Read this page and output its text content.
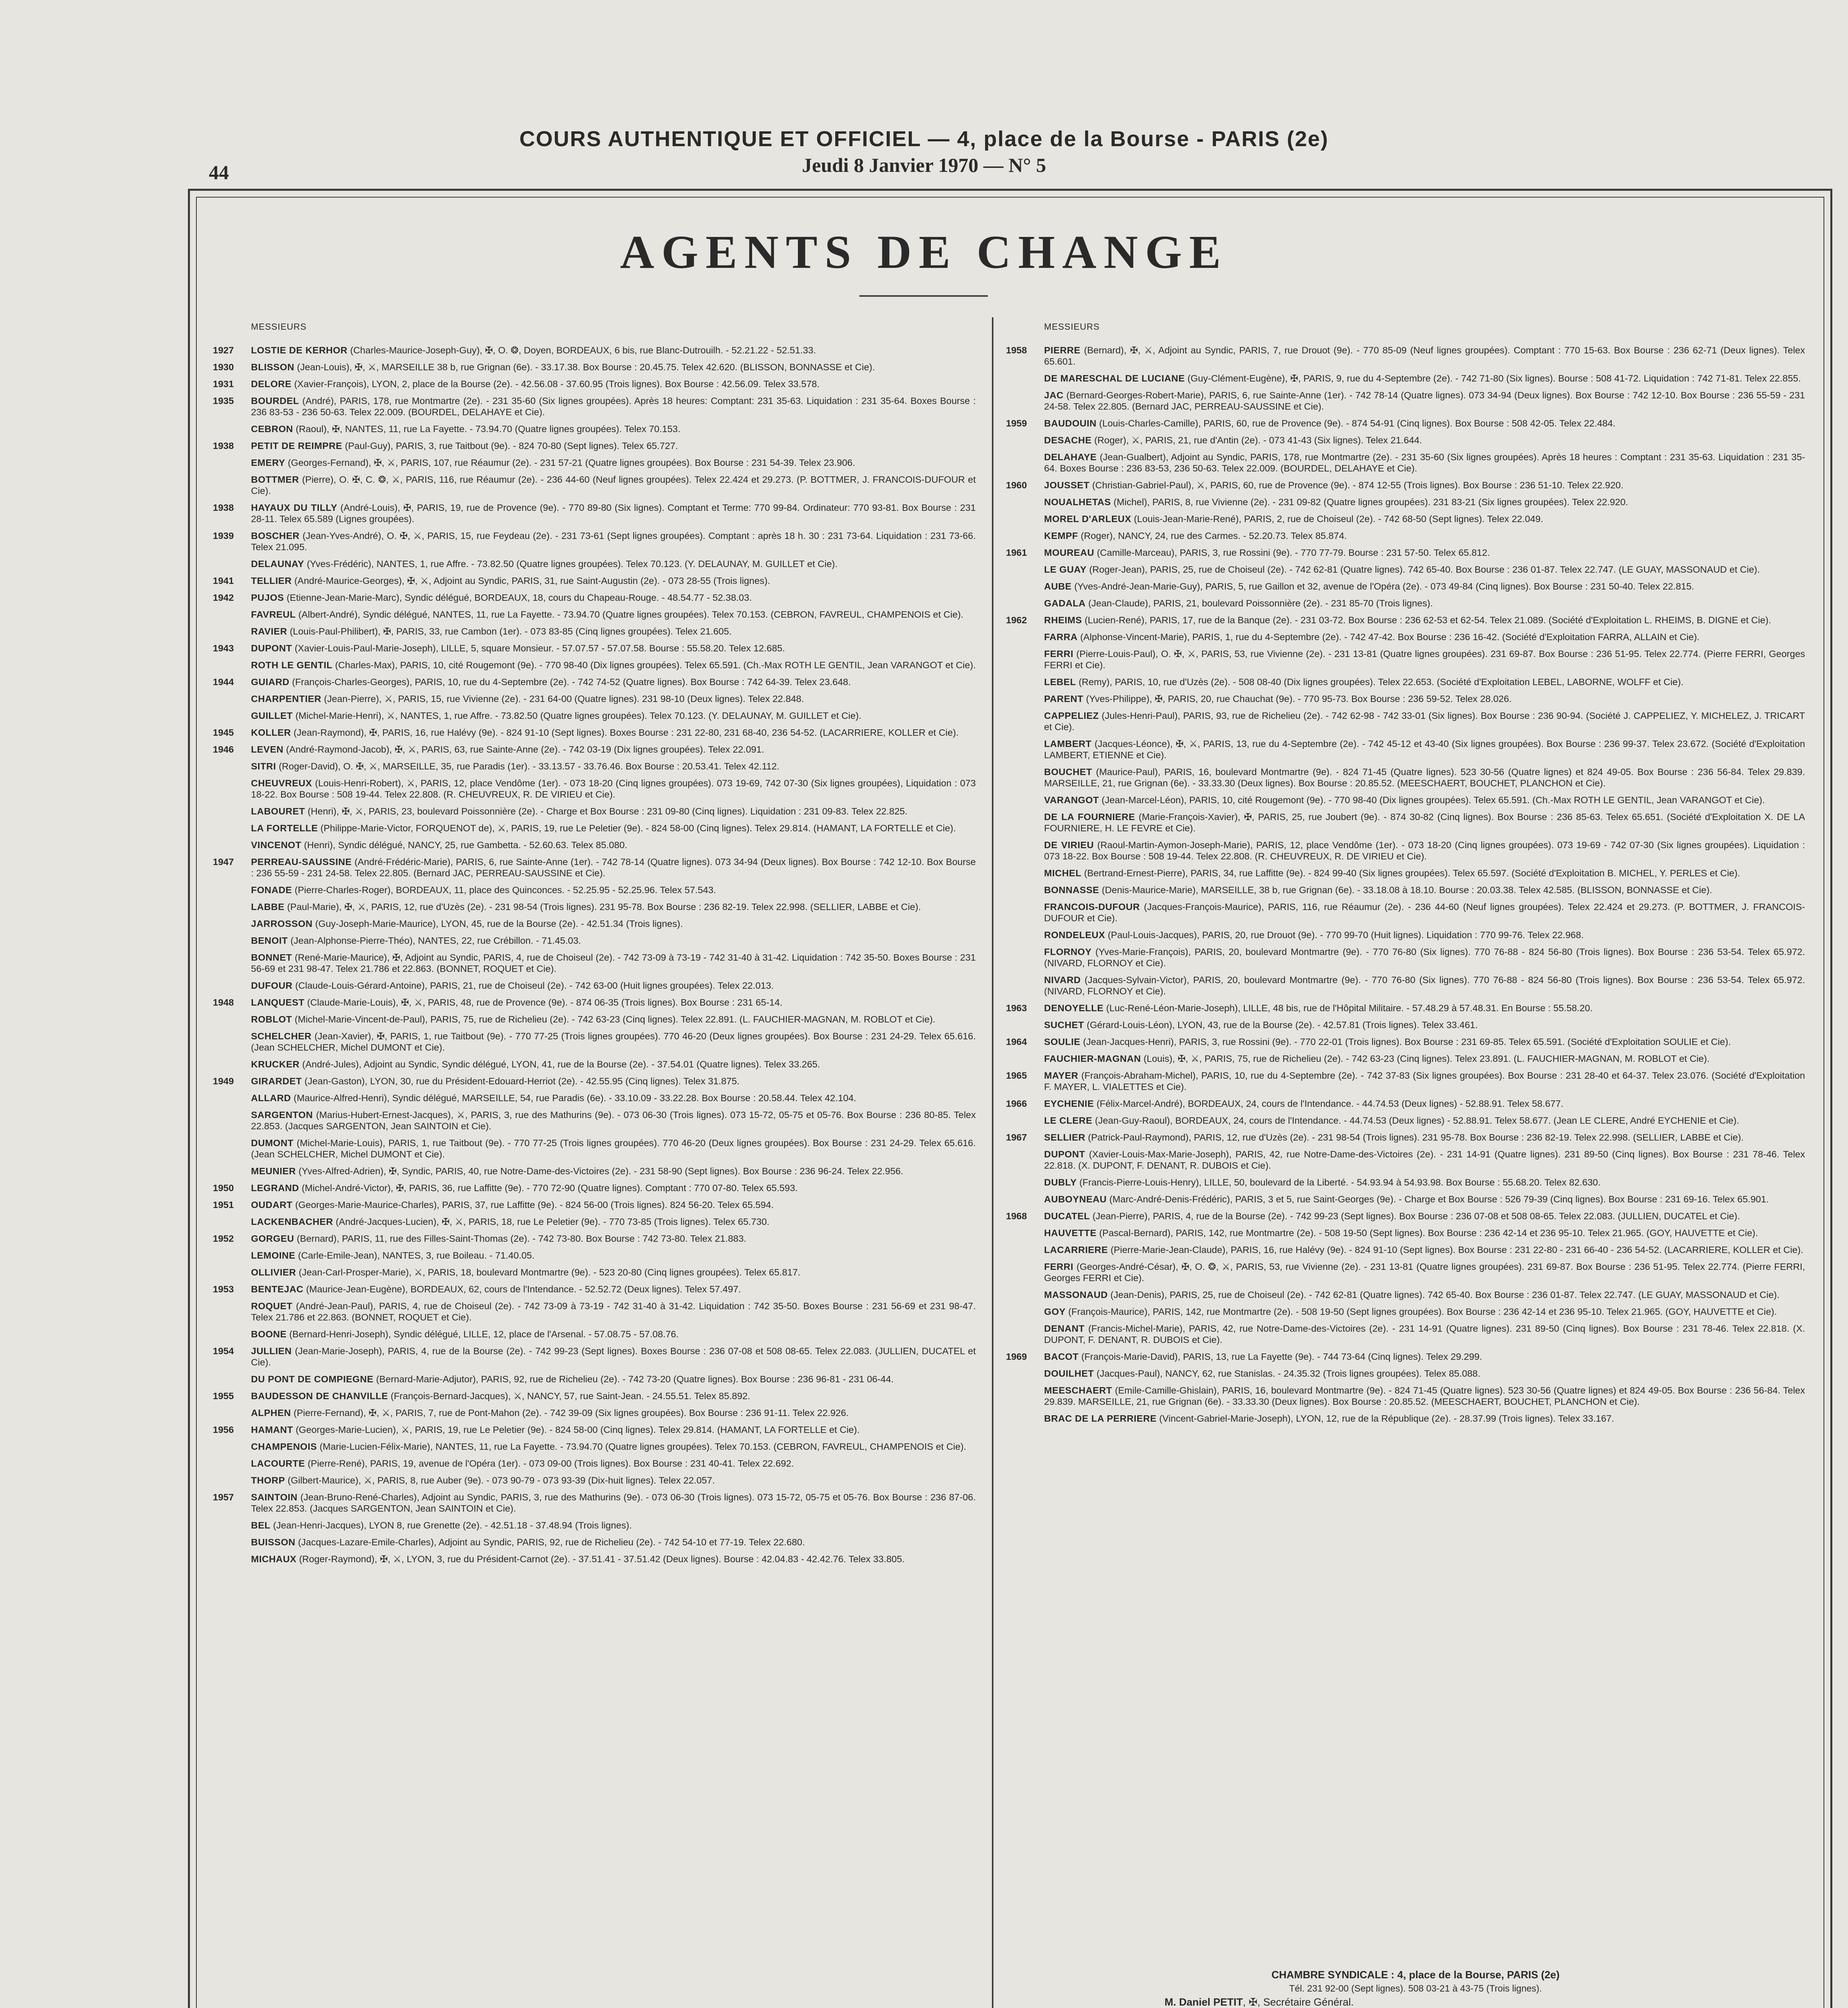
COURS AUTHENTIQUE ET OFFICIEL — 4, place de la Bourse - PARIS (2e)
44	Jeudi 8 Janvier 1970 — N° 5
AGENTS DE CHANGE
MESSIEURS
1927	LOSTIE DE KERHOR (Charles-Maurice-Joseph-Guy), ✠, O. ❂, Doyen, BORDEAUX, 6 bis, rue Blanc-Dutrouilh. - 52.21.22 - 52.51.33.
1930	BLISSON (Jean-Louis), ✠, ⚔, MARSEILLE 38 b, rue Grignan (6e). - 33.17.38. Box Bourse : 20.45.75. Telex 42.620. (BLISSON, BONNASSE et Cie).
1931	DELORE (Xavier-François), LYON, 2, place de la Bourse (2e). - 42.56.08 - 37.60.95 (Trois lignes). Box Bourse : 42.56.09. Telex 33.578.
1935	BOURDEL (André), PARIS, 178, rue Montmartre (2e). - 231 35-60 (Six lignes groupées). Après 18 heures: Comptant: 231 35-63. Liquidation : 231 35-64. Boxes Bourse : 236 83-53 - 236 50-63. Telex 22.009. (BOURDEL, DELAHAYE et Cie).
CEBRON (Raoul), ✠, NANTES, 11, rue La Fayette. - 73.94.70 (Quatre lignes groupées). Telex 70.153.
1938	PETIT DE REIMPRE (Paul-Guy), PARIS, 3, rue Taitbout (9e). - 824 70-80 (Sept lignes). Telex 65.727.
EMERY (Georges-Fernand), ✠, ⚔, PARIS, 107, rue Réaumur (2e). - 231 57-21 (Quatre lignes groupées). Box Bourse : 231 54-39. Telex 23.906.
BOTTMER (Pierre), O. ✠, C. ❂, ⚔, PARIS, 116, rue Réaumur (2e). - 236 44-60 (Neuf lignes groupées). Telex 22.424 et 29.273. (P. BOTTMER, J. FRANCOIS-DUFOUR et Cie).
1938	HAYAUX DU TILLY (André-Louis), ✠, PARIS, 19, rue de Provence (9e). - 770 89-80 (Six lignes). Comptant et Terme: 770 99-84. Ordinateur: 770 93-81. Box Bourse : 231 28-11. Telex 65.589 (Lignes groupées).
1939	BOSCHER (Jean-Yves-André), O. ✠, ⚔, PARIS, 15, rue Feydeau (2e). - 231 73-61 (Sept lignes groupées). Comptant : après 18 h. 30 : 231 73-64. Liquidation : 231 73-66. Telex 21.095.
DELAUNAY (Yves-Frédéric), NANTES, 1, rue Affre. - 73.82.50 (Quatre lignes groupées). Telex 70.123. (Y. DELAUNAY, M. GUILLET et Cie).
1941	TELLIER (André-Maurice-Georges), ✠, ⚔, Adjoint au Syndic, PARIS, 31, rue Saint-Augustin (2e). - 073 28-55 (Trois lignes).
1942	PUJOS (Etienne-Jean-Marie-Marc), Syndic délégué, BORDEAUX, 18, cours du Chapeau-Rouge. - 48.54.77 - 52.38.03.
FAVREUL (Albert-André), Syndic délégué, NANTES, 11, rue La Fayette. - 73.94.70 (Quatre lignes groupées). Telex 70.153. (CEBRON, FAVREUL, CHAMPENOIS et Cie).
RAVIER (Louis-Paul-Philibert), ✠, PARIS, 33, rue Cambon (1er). - 073 83-85 (Cinq lignes groupées). Telex 21.605.
1943	DUPONT (Xavier-Louis-Paul-Marie-Joseph), LILLE, 5, square Monsieur. - 57.07.57 - 57.07.58. Bourse : 55.58.20. Telex 12.685.
ROTH LE GENTIL (Charles-Max), PARIS, 10, cité Rougemont (9e). - 770 98-40 (Dix lignes groupées). Telex 65.591. (Ch.-Max ROTH LE GENTIL, Jean VARANGOT et Cie).
1944	GUIARD (François-Charles-Georges), PARIS, 10, rue du 4-Septembre (2e). - 742 74-52 (Quatre lignes). Box Bourse : 742 64-39. Telex 23.648.
CHARPENTIER (Jean-Pierre), ⚔, PARIS, 15, rue Vivienne (2e). - 231 64-00 (Quatre lignes). 231 98-10 (Deux lignes). Telex 22.848.
GUILLET (Michel-Marie-Henri), ⚔, NANTES, 1, rue Affre. - 73.82.50 (Quatre lignes groupées). Telex 70.123. (Y. DELAUNAY, M. GUILLET et Cie).
1945	KOLLER (Jean-Raymond), ✠, PARIS, 16, rue Halévy (9e). - 824 91-10 (Sept lignes). Boxes Bourse : 231 22-80, 231 68-40, 236 54-52. (LACARRIERE, KOLLER et Cie).
1946	LEVEN (André-Raymond-Jacob), ✠, ⚔, PARIS, 63, rue Sainte-Anne (2e). - 742 03-19 (Dix lignes groupées). Telex 22.091.
SITRI (Roger-David), O. ✠, ⚔, MARSEILLE, 35, rue Paradis (1er). - 33.13.57 - 33.76.46. Box Bourse : 20.53.41. Telex 42.112.
CHEUVREUX (Louis-Henri-Robert), ⚔, PARIS, 12, place Vendôme (1er). - 073 18-20 (Cinq lignes groupées). 073 19-69, 742 07-30 (Six lignes groupées), Liquidation : 073 18-22. Box Bourse : 508 19-44. Telex 22.808. (R. CHEUVREUX, R. DE VIRIEU et Cie).
LABOURET (Henri), ✠, ⚔, PARIS, 23, boulevard Poissonnière (2e). - Charge et Box Bourse : 231 09-80 (Cinq lignes). Liquidation : 231 09-83. Telex 22.825.
LA FORTELLE (Philippe-Marie-Victor, FORQUENOT de), ⚔, PARIS, 19, rue Le Peletier (9e). - 824 58-00 (Cinq lignes). Telex 29.814. (HAMANT, LA FORTELLE et Cie).
VINCENOT (Henri), Syndic délégué, NANCY, 25, rue Gambetta. - 52.60.63. Telex 85.080.
1947	PERREAU-SAUSSINE (André-Frédéric-Marie), PARIS, 6, rue Sainte-Anne (1er). - 742 78-14 (Quatre lignes). 073 34-94 (Deux lignes). Box Bourse : 742 12-10. Box Bourse : 236 55-59 - 231 24-58. Telex 22.805. (Bernard JAC, PERREAU-SAUSSINE et Cie).
FONADE (Pierre-Charles-Roger), BORDEAUX, 11, place des Quinconces. - 52.25.95 - 52.25.96. Telex 57.543.
LABBE (Paul-Marie), ✠, ⚔, PARIS, 12, rue d'Uzès (2e). - 231 98-54 (Trois lignes). 231 95-78. Box Bourse : 236 82-19. Telex 22.998. (SELLIER, LABBE et Cie).
JARROSSON (Guy-Joseph-Marie-Maurice), LYON, 45, rue de la Bourse (2e). - 42.51.34 (Trois lignes).
BENOIT (Jean-Alphonse-Pierre-Théo), NANTES, 22, rue Crébillon. - 71.45.03.
BONNET (René-Marie-Maurice), ✠, Adjoint au Syndic, PARIS, 4, rue de Choiseul (2e). - 742 73-09 à 73-19 - 742 31-40 à 31-42. Liquidation : 742 35-50. Boxes Bourse : 231 56-69 et 231 98-47. Telex 21.786 et 22.863. (BONNET, ROQUET et Cie).
DUFOUR (Claude-Louis-Gérard-Antoine), PARIS, 21, rue de Choiseul (2e). - 742 63-00 (Huit lignes groupées). Telex 22.013.
1948	LANQUEST (Claude-Marie-Louis), ✠, ⚔, PARIS, 48, rue de Provence (9e). - 874 06-35 (Trois lignes). Box Bourse : 231 65-14.
ROBLOT (Michel-Marie-Vincent-de-Paul), PARIS, 75, rue de Richelieu (2e). - 742 63-23 (Cinq lignes). Telex 22.891. (L. FAUCHIER-MAGNAN, M. ROBLOT et Cie).
SCHELCHER (Jean-Xavier), ✠, PARIS, 1, rue Taitbout (9e). - 770 77-25 (Trois lignes groupées). 770 46-20 (Deux lignes groupées). Box Bourse : 231 24-29. Telex 65.616. (Jean SCHELCHER, Michel DUMONT et Cie).
KRUCKER (André-Jules), Adjoint au Syndic, Syndic délégué, LYON, 41, rue de la Bourse (2e). - 37.54.01 (Quatre lignes). Telex 33.265.
1949	GIRARDET (Jean-Gaston), LYON, 30, rue du Président-Edouard-Herriot (2e). - 42.55.95 (Cinq lignes). Telex 31.875.
ALLARD (Maurice-Alfred-Henri), Syndic délégué, MARSEILLE, 54, rue Paradis (6e). - 33.10.09 - 33.22.28. Box Bourse : 20.58.44. Telex 42.104.
SARGENTON (Marius-Hubert-Ernest-Jacques), ⚔, PARIS, 3, rue des Mathurins (9e). - 073 06-30 (Trois lignes). 073 15-72, 05-75 et 05-76. Box Bourse : 236 80-85. Telex 22.853. (Jacques SARGENTON, Jean SAINTOIN et Cie).
DUMONT (Michel-Marie-Louis), PARIS, 1, rue Taitbout (9e). - 770 77-25 (Trois lignes groupées). 770 46-20 (Deux lignes groupées). Box Bourse : 231 24-29. Telex 65.616. (Jean SCHELCHER, Michel DUMONT et Cie).
MEUNIER (Yves-Alfred-Adrien), ✠, Syndic, PARIS, 40, rue Notre-Dame-des-Victoires (2e). - 231 58-90 (Sept lignes). Box Bourse : 236 96-24. Telex 22.956.
1950	LEGRAND (Michel-André-Victor), ✠, PARIS, 36, rue Laffitte (9e). - 770 72-90 (Quatre lignes). Comptant : 770 07-80. Telex 65.593.
1951	OUDART (Georges-Marie-Maurice-Charles), PARIS, 37, rue Laffitte (9e). - 824 56-00 (Trois lignes). 824 56-20. Telex 65.594.
LACKENBACHER (André-Jacques-Lucien), ✠, ⚔, PARIS, 18, rue Le Peletier (9e). - 770 73-85 (Trois lignes). Telex 65.730.
1952	GORGEU (Bernard), PARIS, 11, rue des Filles-Saint-Thomas (2e). - 742 73-80. Box Bourse : 742 73-80. Telex 21.883.
LEMOINE (Carle-Emile-Jean), NANTES, 3, rue Boileau. - 71.40.05.
OLLIVIER (Jean-Carl-Prosper-Marie), ⚔, PARIS, 18, boulevard Montmartre (9e). - 523 20-80 (Cinq lignes groupées). Telex 65.817.
1953	BENTEJAC (Maurice-Jean-Eugène), BORDEAUX, 62, cours de l'Intendance. - 52.52.72 (Deux lignes). Telex 57.497.
ROQUET (André-Jean-Paul), PARIS, 4, rue de Choiseul (2e). - 742 73-09 à 73-19 - 742 31-40 à 31-42. Liquidation : 742 35-50. Boxes Bourse : 231 56-69 et 231 98-47. Telex 21.786 et 22.863. (BONNET, ROQUET et Cie).
BOONE (Bernard-Henri-Joseph), Syndic délégué, LILLE, 12, place de l'Arsenal. - 57.08.75 - 57.08.76.
1954	JULLIEN (Jean-Marie-Joseph), PARIS, 4, rue de la Bourse (2e). - 742 99-23 (Sept lignes). Boxes Bourse : 236 07-08 et 508 08-65. Telex 22.083. (JULLIEN, DUCATEL et Cie).
DU PONT DE COMPIEGNE (Bernard-Marie-Adjutor), PARIS, 92, rue de Richelieu (2e). - 742 73-20 (Quatre lignes). Box Bourse : 236 96-81 - 231 06-44.
1955	BAUDESSON DE CHANVILLE (François-Bernard-Jacques), ⚔, NANCY, 57, rue Saint-Jean. - 24.55.51. Telex 85.892.
ALPHEN (Pierre-Fernand), ✠, ⚔, PARIS, 7, rue de Pont-Mahon (2e). - 742 39-09 (Six lignes groupées). Box Bourse : 236 91-11. Telex 22.926.
1956	HAMANT (Georges-Marie-Lucien), ⚔, PARIS, 19, rue Le Peletier (9e). - 824 58-00 (Cinq lignes). Telex 29.814. (HAMANT, LA FORTELLE et Cie).
CHAMPENOIS (Marie-Lucien-Félix-Marie), NANTES, 11, rue La Fayette. - 73.94.70 (Quatre lignes groupées). Telex 70.153. (CEBRON, FAVREUL, CHAMPENOIS et Cie).
LACOURTE (Pierre-René), PARIS, 19, avenue de l'Opéra (1er). - 073 09-00 (Trois lignes). Box Bourse : 231 40-41. Telex 22.692.
THORP (Gilbert-Maurice), ⚔, PARIS, 8, rue Auber (9e). - 073 90-79 - 073 93-39 (Dix-huit lignes). Telex 22.057.
1957	SAINTOIN (Jean-Bruno-René-Charles), Adjoint au Syndic, PARIS, 3, rue des Mathurins (9e). - 073 06-30 (Trois lignes). 073 15-72, 05-75 et 05-76. Box Bourse : 236 87-06. Telex 22.853. (Jacques SARGENTON, Jean SAINTOIN et Cie).
BEL (Jean-Henri-Jacques), LYON 8, rue Grenette (2e). - 42.51.18 - 37.48.94 (Trois lignes).
BUISSON (Jacques-Lazare-Emile-Charles), Adjoint au Syndic, PARIS, 92, rue de Richelieu (2e). - 742 54-10 et 77-19. Telex 22.680.
MICHAUX (Roger-Raymond), ✠, ⚔, LYON, 3, rue du Président-Carnot (2e). - 37.51.41 - 37.51.42 (Deux lignes). Bourse : 42.04.83 - 42.42.76. Telex 33.805.
MESSIEURS
1958	PIERRE (Bernard), ✠, ⚔, Adjoint au Syndic, PARIS, 7, rue Drouot (9e). - 770 85-09 (Neuf lignes groupées). Comptant : 770 15-63. Box Bourse : 236 62-71 (Deux lignes). Telex 65.601.
DE MARESCHAL DE LUCIANE (Guy-Clément-Eugène), ✠, PARIS, 9, rue du 4-Septembre (2e). - 742 71-80 (Six lignes). Bourse : 508 41-72. Liquidation : 742 71-81. Telex 22.855.
JAC (Bernard-Georges-Robert-Marie), PARIS, 6, rue Sainte-Anne (1er). - 742 78-14 (Quatre lignes). 073 34-94 (Deux lignes). Box Bourse : 742 12-10. Box Bourse : 236 55-59 - 231 24-58. Telex 22.805. (Bernard JAC, PERREAU-SAUSSINE et Cie).
1959	BAUDOUIN (Louis-Charles-Camille), PARIS, 60, rue de Provence (9e). - 874 54-91 (Cinq lignes). Box Bourse : 508 42-05. Telex 22.484.
DESACHE (Roger), ⚔, PARIS, 21, rue d'Antin (2e). - 073 41-43 (Six lignes). Telex 21.644.
DELAHAYE (Jean-Gualbert), Adjoint au Syndic, PARIS, 178, rue Montmartre (2e). - 231 35-60 (Six lignes groupées). Après 18 heures : Comptant : 231 35-63. Liquidation : 231 35-64. Boxes Bourse : 236 83-53, 236 50-63. Telex 22.009. (BOURDEL, DELAHAYE et Cie).
1960	JOUSSET (Christian-Gabriel-Paul), ⚔, PARIS, 60, rue de Provence (9e). - 874 12-55 (Trois lignes). Box Bourse : 236 51-10. Telex 22.920.
NOUALHETAS (Michel), PARIS, 8, rue Vivienne (2e). - 231 09-82 (Quatre lignes groupées). 231 83-21 (Six lignes groupées). Telex 22.920.
MOREL D'ARLEUX (Louis-Jean-Marie-René), PARIS, 2, rue de Choiseul (2e). - 742 68-50 (Sept lignes). Telex 22.049.
KEMPF (Roger), NANCY, 24, rue des Carmes. - 52.20.73. Telex 85.874.
1961	MOUREAU (Camille-Marceau), PARIS, 3, rue Rossini (9e). - 770 77-79. Bourse : 231 57-50. Telex 65.812.
LE GUAY (Roger-Jean), PARIS, 25, rue de Choiseul (2e). - 742 62-81 (Quatre lignes). 742 65-40. Box Bourse : 236 01-87. Telex 22.747. (LE GUAY, MASSONAUD et Cie).
AUBE (Yves-André-Jean-Marie-Guy), PARIS, 5, rue Gaillon et 32, avenue de l'Opéra (2e). - 073 49-84 (Cinq lignes). Box Bourse : 231 50-40. Telex 22.815.
GADALA (Jean-Claude), PARIS, 21, boulevard Poissonnière (2e). - 231 85-70 (Trois lignes).
1962	RHEIMS (Lucien-René), PARIS, 17, rue de la Banque (2e). - 231 03-72. Box Bourse : 236 62-53 et 62-54. Telex 21.089. (Société d'Exploitation L. RHEIMS, B. DIGNE et Cie).
FARRA (Alphonse-Vincent-Marie), PARIS, 1, rue du 4-Septembre (2e). - 742 47-42. Box Bourse : 236 16-42. (Société d'Exploitation FARRA, ALLAIN et Cie).
FERRI (Pierre-Louis-Paul), O. ✠, ⚔, PARIS, 53, rue Vivienne (2e). - 231 13-81 (Quatre lignes groupées). 231 69-87. Box Bourse : 236 51-95. Telex 22.774. (Pierre FERRI, Georges FERRI et Cie).
LEBEL (Remy), PARIS, 10, rue d'Uzès (2e). - 508 08-40 (Dix lignes groupées). Telex 22.653. (Société d'Exploitation LEBEL, LABORNE, WOLFF et Cie).
PARENT (Yves-Philippe), ✠, PARIS, 20, rue Chauchat (9e). - 770 95-73. Box Bourse : 236 59-52. Telex 28.026.
CAPPELIEZ (Jules-Henri-Paul), PARIS, 93, rue de Richelieu (2e). - 742 62-98 - 742 33-01 (Six lignes). Box Bourse : 236 90-94. (Société J. CAPPELIEZ, Y. MICHELEZ, J. TRICART et Cie).
LAMBERT (Jacques-Léonce), ✠, ⚔, PARIS, 13, rue du 4-Septembre (2e). - 742 45-12 et 43-40 (Six lignes groupées). Box Bourse : 236 99-37. Telex 23.672. (Société d'Exploitation LAMBERT, ETIENNE et Cie).
BOUCHET (Maurice-Paul), PARIS, 16, boulevard Montmartre (9e). - 824 71-45 (Quatre lignes). 523 30-56 (Quatre lignes) et 824 49-05. Box Bourse : 236 56-84. Telex 29.839. MARSEILLE, 21, rue Grignan (6e). - 33.33.30 (Deux lignes). Box Bourse : 20.85.52. (MEESCHAERT, BOUCHET, PLANCHON et Cie).
VARANGOT (Jean-Marcel-Léon), PARIS, 10, cité Rougemont (9e). - 770 98-40 (Dix lignes groupées). Telex 65.591. (Ch.-Max ROTH LE GENTIL, Jean VARANGOT et Cie).
DE LA FOURNIERE (Marie-François-Xavier), ✠, PARIS, 25, rue Joubert (9e). - 874 30-82 (Cinq lignes). Box Bourse : 236 85-63. Telex 65.651. (Société d'Exploitation X. DE LA FOURNIERE, H. LE FEVRE et Cie).
DE VIRIEU (Raoul-Martin-Aymon-Joseph-Marie), PARIS, 12, place Vendôme (1er). - 073 18-20 (Cinq lignes groupées). 073 19-69 - 742 07-30 (Six lignes groupées). Liquidation : 073 18-22. Box Bourse : 508 19-44. Telex 22.808. (R. CHEUVREUX, R. DE VIRIEU et Cie).
MICHEL (Bertrand-Ernest-Pierre), PARIS, 34, rue Laffitte (9e). - 824 99-40 (Six lignes groupées). Telex 65.597. (Société d'Exploitation B. MICHEL, Y. PERLES et Cie).
BONNASSE (Denis-Maurice-Marie), MARSEILLE, 38 b, rue Grignan (6e). - 33.18.08 à 18.10. Bourse : 20.03.38. Telex 42.585. (BLISSON, BONNASSE et Cie).
FRANCOIS-DUFOUR (Jacques-François-Maurice), PARIS, 116, rue Réaumur (2e). - 236 44-60 (Neuf lignes groupées). Telex 22.424 et 29.273. (P. BOTTMER, J. FRANCOIS-DUFOUR et Cie).
RONDELEUX (Paul-Louis-Jacques), PARIS, 20, rue Drouot (9e). - 770 99-70 (Huit lignes). Liquidation : 770 99-76. Telex 22.968.
FLORNOY (Yves-Marie-François), PARIS, 20, boulevard Montmartre (9e). - 770 76-80 (Six lignes). 770 76-88 - 824 56-80 (Trois lignes). Box Bourse : 236 53-54. Telex 65.972. (NIVARD, FLORNOY et Cie).
NIVARD (Jacques-Sylvain-Victor), PARIS, 20, boulevard Montmartre (9e). - 770 76-80 (Six lignes). 770 76-88 - 824 56-80 (Trois lignes). Box Bourse : 236 53-54. Telex 65.972. (NIVARD, FLORNOY et Cie).
1963	DENOYELLE (Luc-René-Léon-Marie-Joseph), LILLE, 48 bis, rue de l'Hôpital Militaire. - 57.48.29 à 57.48.31. En Bourse : 55.58.20.
SUCHET (Gérard-Louis-Léon), LYON, 43, rue de la Bourse (2e). - 42.57.81 (Trois lignes). Telex 33.461.
1964	SOULIE (Jean-Jacques-Henri), PARIS, 3, rue Rossini (9e). - 770 22-01 (Trois lignes). Box Bourse : 231 69-85. Telex 65.591. (Société d'Exploitation SOULIE et Cie).
FAUCHIER-MAGNAN (Louis), ✠, ⚔, PARIS, 75, rue de Richelieu (2e). - 742 63-23 (Cinq lignes). Telex 23.891. (L. FAUCHIER-MAGNAN, M. ROBLOT et Cie).
1965	MAYER (François-Abraham-Michel), PARIS, 10, rue du 4-Septembre (2e). - 742 37-83 (Six lignes groupées). Box Bourse : 231 28-40 et 64-37. Telex 23.076. (Société d'Exploitation F. MAYER, L. VIALETTES et Cie).
1966	EYCHENIE (Félix-Marcel-André), BORDEAUX, 24, cours de l'Intendance. - 44.74.53 (Deux lignes) - 52.88.91. Telex 58.677.
LE CLERE (Jean-Guy-Raoul), BORDEAUX, 24, cours de l'Intendance. - 44.74.53 (Deux lignes) - 52.88.91. Telex 58.677. (Jean LE CLERE, André EYCHENIE et Cie).
1967	SELLIER (Patrick-Paul-Raymond), PARIS, 12, rue d'Uzès (2e). - 231 98-54 (Trois lignes). 231 95-78. Box Bourse : 236 82-19. Telex 22.998. (SELLIER, LABBE et Cie).
DUPONT (Xavier-Louis-Max-Marie-Joseph), PARIS, 42, rue Notre-Dame-des-Victoires (2e). - 231 14-91 (Quatre lignes). 231 89-50 (Cinq lignes). Box Bourse : 231 78-46. Telex 22.818. (X. DUPONT, F. DENANT, R. DUBOIS et Cie).
DUBLY (Francis-Pierre-Louis-Henry), LILLE, 50, boulevard de la Liberté. - 54.93.94 à 54.93.98. Box Bourse : 55.68.20. Telex 82.630.
AUBOYNEAU (Marc-André-Denis-Frédéric), PARIS, 3 et 5, rue Saint-Georges (9e). - Charge et Box Bourse : 526 79-39 (Cinq lignes). Box Bourse : 231 69-16. Telex 65.901.
1968	DUCATEL (Jean-Pierre), PARIS, 4, rue de la Bourse (2e). - 742 99-23 (Sept lignes). Box Bourse : 236 07-08 et 508 08-65. Telex 22.083. (JULLIEN, DUCATEL et Cie).
HAUVETTE (Pascal-Bernard), PARIS, 142, rue Montmartre (2e). - 508 19-50 (Sept lignes). Box Bourse : 236 42-14 et 236 95-10. Telex 21.965. (GOY, HAUVETTE et Cie).
LACARRIERE (Pierre-Marie-Jean-Claude), PARIS, 16, rue Halévy (9e). - 824 91-10 (Sept lignes). Box Bourse : 231 22-80 - 231 66-40 - 236 54-52. (LACARRIERE, KOLLER et Cie).
FERRI (Georges-André-César), ✠, O. ❂, ⚔, PARIS, 53, rue Vivienne (2e). - 231 13-81 (Quatre lignes groupées). 231 69-87. Box Bourse : 236 51-95. Telex 22.774. (Pierre FERRI, Georges FERRI et Cie).
MASSONAUD (Jean-Denis), PARIS, 25, rue de Choiseul (2e). - 742 62-81 (Quatre lignes). 742 65-40. Box Bourse : 236 01-87. Telex 22.747. (LE GUAY, MASSONAUD et Cie).
GOY (François-Maurice), PARIS, 142, rue Montmartre (2e). - 508 19-50 (Sept lignes groupées). Box Bourse : 236 42-14 et 236 95-10. Telex 21.965. (GOY, HAUVETTE et Cie).
DENANT (Francis-Michel-Marie), PARIS, 42, rue Notre-Dame-des-Victoires (2e). - 231 14-91 (Quatre lignes). 231 89-50 (Cinq lignes). Box Bourse : 231 78-46. Telex 22.818. (X. DUPONT, F. DENANT, R. DUBOIS et Cie).
1969	BACOT (François-Marie-David), PARIS, 13, rue La Fayette (9e). - 744 73-64 (Cinq lignes). Telex 29.299.
DOUILHET (Jacques-Paul), NANCY, 62, rue Stanislas. - 24.35.32 (Trois lignes groupées). Telex 85.088.
MEESCHAERT (Emile-Camille-Ghislain), PARIS, 16, boulevard Montmartre (9e). - 824 71-45 (Quatre lignes). 523 30-56 (Quatre lignes) et 824 49-05. Box Bourse : 236 56-84. Telex 29.839. MARSEILLE, 21, rue Grignan (6e). - 33.33.30 (Deux lignes). Box Bourse : 20.85.52. (MEESCHAERT, BOUCHET, PLANCHON et Cie).
BRAC DE LA PERRIERE (Vincent-Gabriel-Marie-Joseph), LYON, 12, rue de la République (2e). - 28.37.99 (Trois lignes). Telex 33.167.
CHAMBRE SYNDICALE : 4, place de la Bourse, PARIS (2e)
Tél. 231 92-00 (Sept lignes). 508 03-21 à 43-75 (Trois lignes).
M. Daniel PETIT, ✠, Secrétaire Général.
